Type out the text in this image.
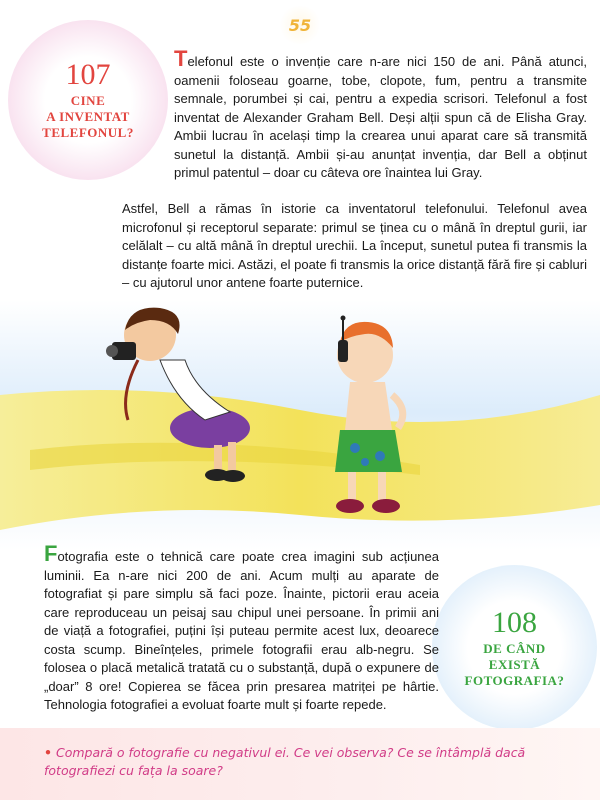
55
107
CINE
A INVENTAT
TELEFONUL?
Telefonul este o invenție care n-are nici 150 de ani. Până atunci, oamenii foloseau goarne, tobe, clopote, fum, pentru a transmite semnale, porumbei și cai, pentru a expedia scrisori. Telefonul a fost inventat de Alexander Graham Bell. Deși alții spun că de Elisha Gray. Ambii lucrau în același timp la crearea unui aparat care să transmită sunetul la distanță. Ambii și-au anunțat invenția, dar Bell a obținut primul patentul – doar cu câteva ore înaintea lui Gray.
Astfel, Bell a rămas în istorie ca inventatorul telefonului. Telefonul avea microfonul și receptorul separate: primul se ținea cu o mână în dreptul gurii, iar celălalt – cu altă mână în dreptul urechii. La început, sunetul putea fi transmis la distanțe foarte mici. Astăzi, el poate fi transmis la orice distanță fără fire și cabluri – cu ajutorul unor antene foarte puternice.
108
DE CÂND
EXISTĂ
FOTOGRAFIA?
Fotografia este o tehnică care poate crea imagini sub acțiunea luminii. Ea n-are nici 200 de ani. Acum mulți au aparate de fotografiat și pare simplu să faci poze. Înainte, pictorii erau aceia care reproduceau un peisaj sau chipul unei persoane. În primii ani de viață a fotografiei, puțini își puteau permite acest lux, deoarece costa scump. Bineînțeles, primele fotografii erau alb-negru. Se folosea o placă metalică tratată cu o substanță, după o expunere de „doar” 8 ore! Copierea se făcea prin presarea matriței pe hârtie. Tehnologia fotografiei a evoluat foarte mult și foarte repede.
• Compară o fotografie cu negativul ei. Ce vei observa? Ce se întâmplă dacă fotografiezi cu fața la soare?
